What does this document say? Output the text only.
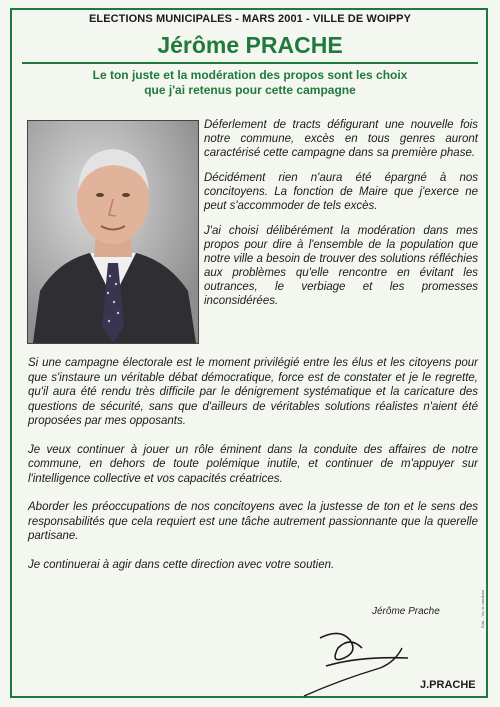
ELECTIONS MUNICIPALES - MARS 2001 - VILLE DE WOIPPY
Jérôme PRACHE
Le ton juste et la modération des propos sont les choix
que j'ai retenus pour cette campagne

Déferlement de tracts défigurant une nouvelle fois notre commune, excès en tous genres auront caractérisé cette campagne dans sa première phase.

Décidément rien n'aura été épargné à nos concitoyens. La fonction de Maire que j'exerce ne peut s'accommoder de tels excès.

J'ai choisi délibérément la modération dans mes propos pour dire à l'ensemble de la population que notre ville a besoin de trouver des solutions réfléchies aux problèmes qu'elle rencontre en évitant les outrances, le verbiage et les promesses inconsidérées.

Si une campagne électorale est le moment privilégié entre les élus et les citoyens pour que s'instaure un véritable débat démocratique, force est de constater et je le regrette, qu'il aura été rendu très difficile par le dénigrement systématique et la caricature des questions de sécurité, sans que d'ailleurs de véritables solutions réalistes n'aient été proposées par mes opposants.

Je veux continuer à jouer un rôle éminent dans la conduite des affaires de notre commune, en dehors de toute polémique inutile, et continuer de m'appuyer sur l'intelligence collective et vos capacités créatrices.

Aborder les préoccupations de nos concitoyens avec la justesse de ton et le sens des responsabilités que cela requiert est une tâche autrement passionnante que la querelle partisane.

Je continuerai à agir dans cette direction avec votre soutien.

Jérôme Prache	Edit. - Vu, le candidat
J.PRACHE
